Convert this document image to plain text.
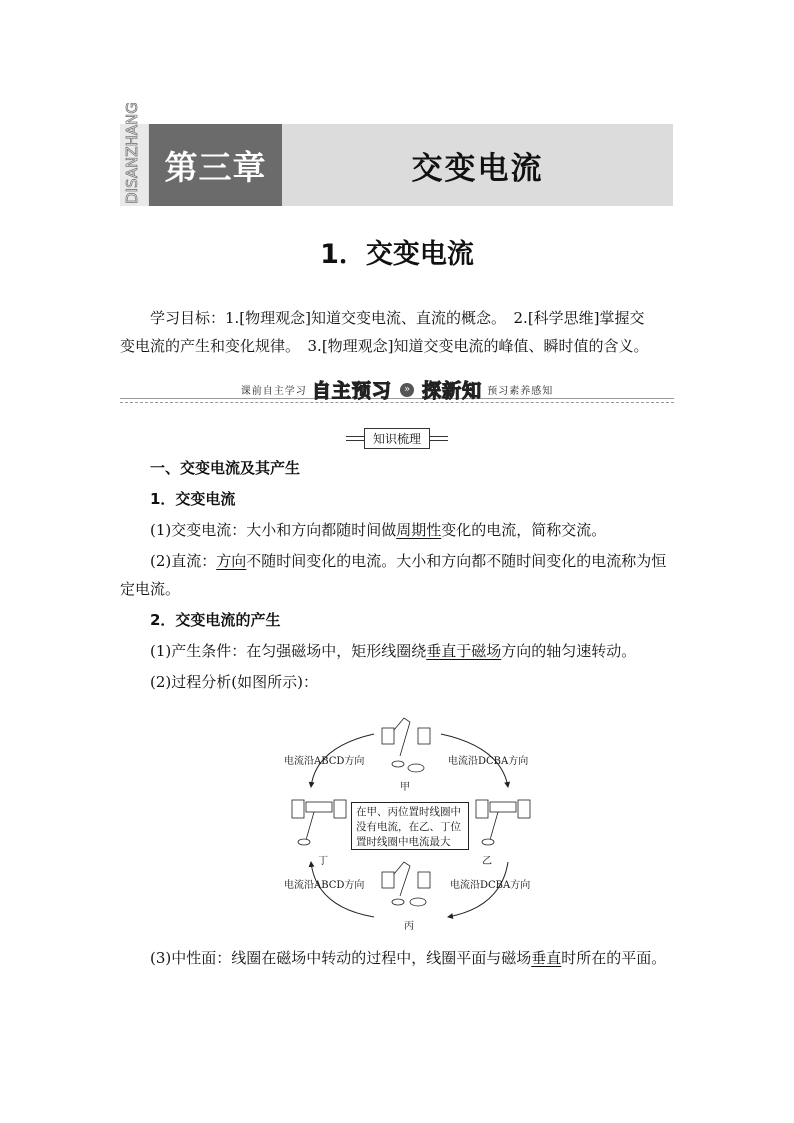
DISANZHANG 第三章	交变电流
1．交变电流

学习目标：1.[物理观念]知道交变电流、直流的概念。　2.[科学思维]掌握交

变电流的产生和变化规律。　3.[物理观念]知道交变电流的峰值、瞬时值的含义。

课前自主学习 自主预习 » 探新知 预习素养感知
知识梳理

一、交变电流及其产生

1．交变电流

(1)交变电流：大小和方向都随时间做周期性变化的电流，简称交流。

(2)直流：方向不随时间变化的电流。大小和方向都不随时间变化的电流称为恒定电流。

2．交变电流的产生

(1)产生条件：在匀强磁场中，矩形线圈绕垂直于磁场方向的轴匀速转动。

(2)过程分析(如图所示)：

在甲、丙位置时线圈中没有电流，在乙、丁位置时线圈中电流最大
电流沿ABCD方向	电流沿DCBA方向
电流沿ABCD方向	电流沿DCBA方向
甲
乙
丙
丁

(3)中性面：线圈在磁场中转动的过程中，线圈平面与磁场垂直时所在的平面。
